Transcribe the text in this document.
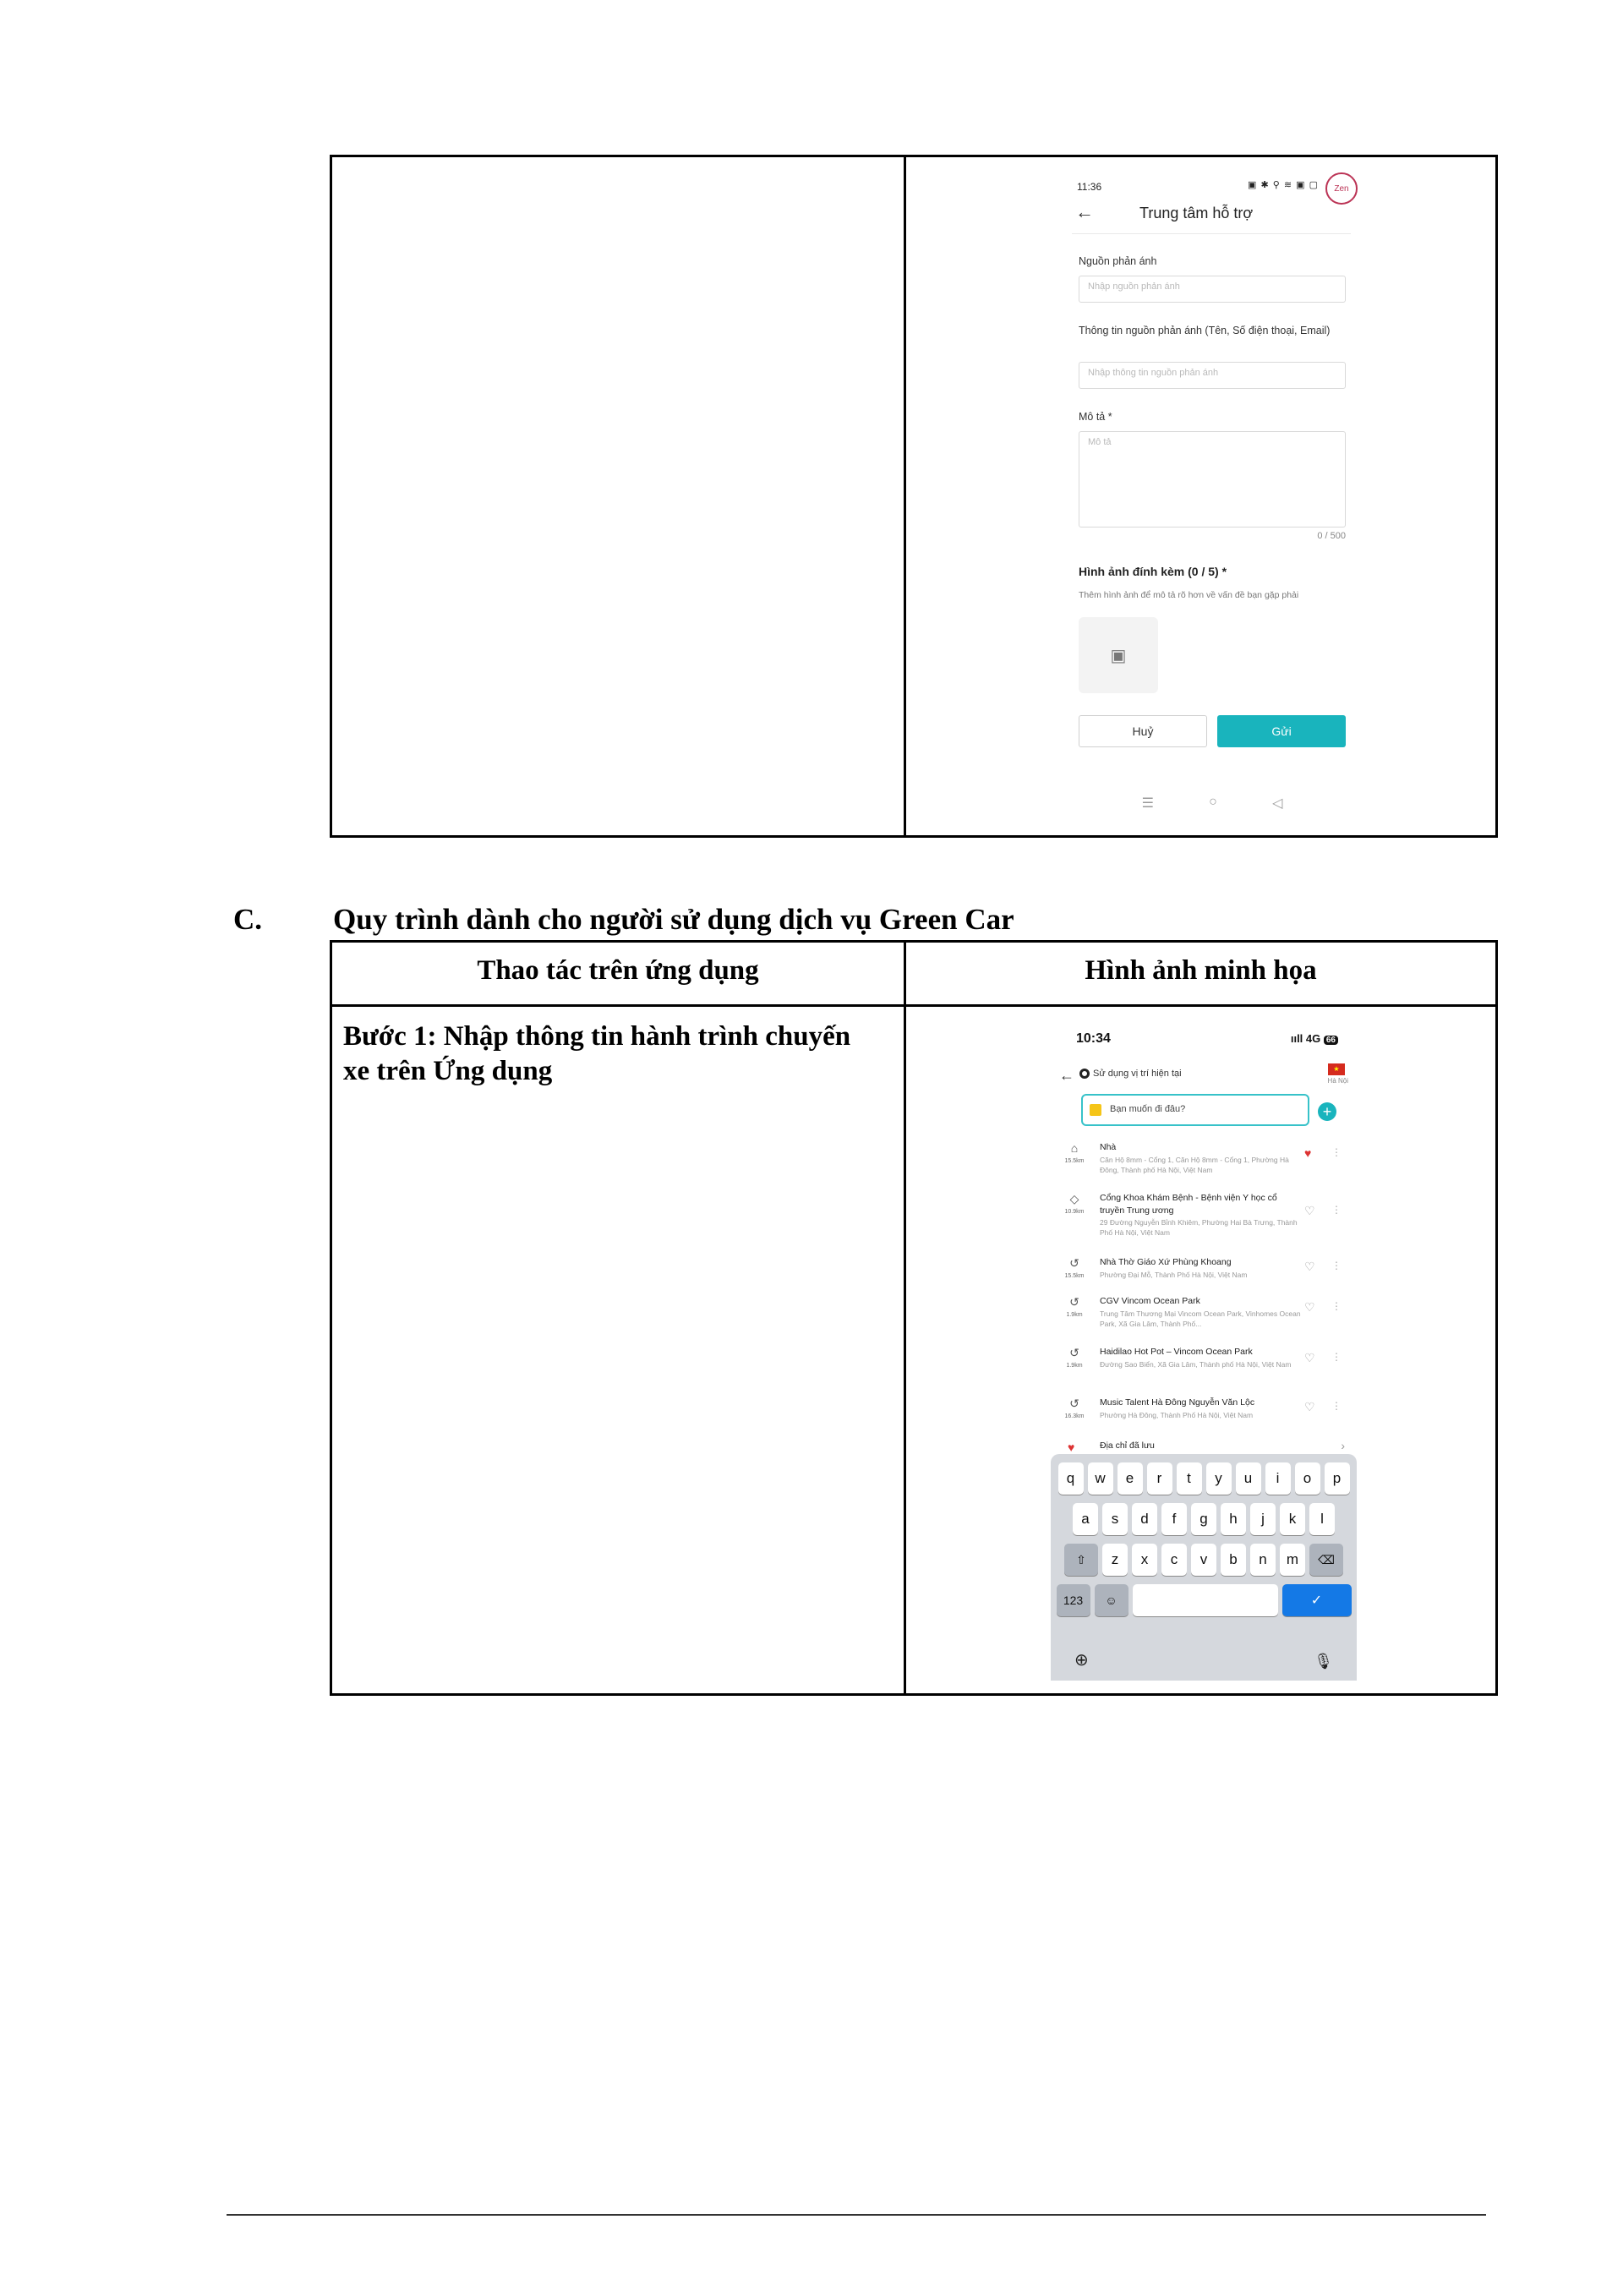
11:36	▣ ✱ ⚲ ≋ ▣ ▢	Zen
←	Trung tâm hỗ trợ
Nguồn phản ánh
Nhập nguồn phản ánh
Thông tin nguồn phản ánh (Tên, Số điện thoại, Email)
Nhập thông tin nguồn phản ánh
Mô tả *
Mô tả
0 / 500
Hình ảnh đính kèm (0 / 5) *
Thêm hình ảnh để mô tả rõ hơn về vấn đề bạn gặp phải
▣
Huỷ	Gửi
☰	○	◁
C. Quy trình dành cho người sử dụng dịch vụ Green Car
Thao tác trên ứng dụng	Hình ảnh minh họa
Bước 1: Nhập thông tin hành trình chuyến
xe trên Ứng dụng
10:34	ııll 4G 66
← Sử dụng vị trí hiện tại	★
Hà Nội
Bạn muốn đi đâu?	+
⌂
15.5km
Nhà
Căn Hộ 8mm - Cổng 1, Căn Hộ 8mm - Cổng 1, Phường Hà Đông, Thành phố Hà Nội, Việt Nam
♥ ⋮
◇
10.9km
Cổng Khoa Khám Bệnh - Bệnh viện Y học cổ truyền Trung ương
29 Đường Nguyễn Bỉnh Khiêm, Phường Hai Bà Trưng, Thành Phố Hà Nội, Việt Nam
♡ ⋮
↺
15.5km
Nhà Thờ Giáo Xứ Phùng Khoang
Phường Đại Mỗ, Thành Phố Hà Nội, Việt Nam
♡ ⋮
↺
1.9km
CGV Vincom Ocean Park
Trung Tâm Thương Mại Vincom Ocean Park, Vinhomes Ocean Park, Xã Gia Lâm, Thành Phố...
♡ ⋮
↺
1.9km
Haidilao Hot Pot – Vincom Ocean Park
Đường Sao Biển, Xã Gia Lâm, Thành phố Hà Nội, Việt Nam	♡ ⋮
↺
16.3km
Music Talent Hà Đông Nguyễn Văn Lộc
Phường Hà Đông, Thành Phố Hà Nội, Việt Nam
♡ ⋮
♥	Địa chỉ đã lưu	›
q	w	e	r	t	y	u	i	o	p
a	s	d	f	g	h	j	k	l
⇧	z	x	c	v	b	n	m	⌫
123	☺	✓
⊕	🎙
